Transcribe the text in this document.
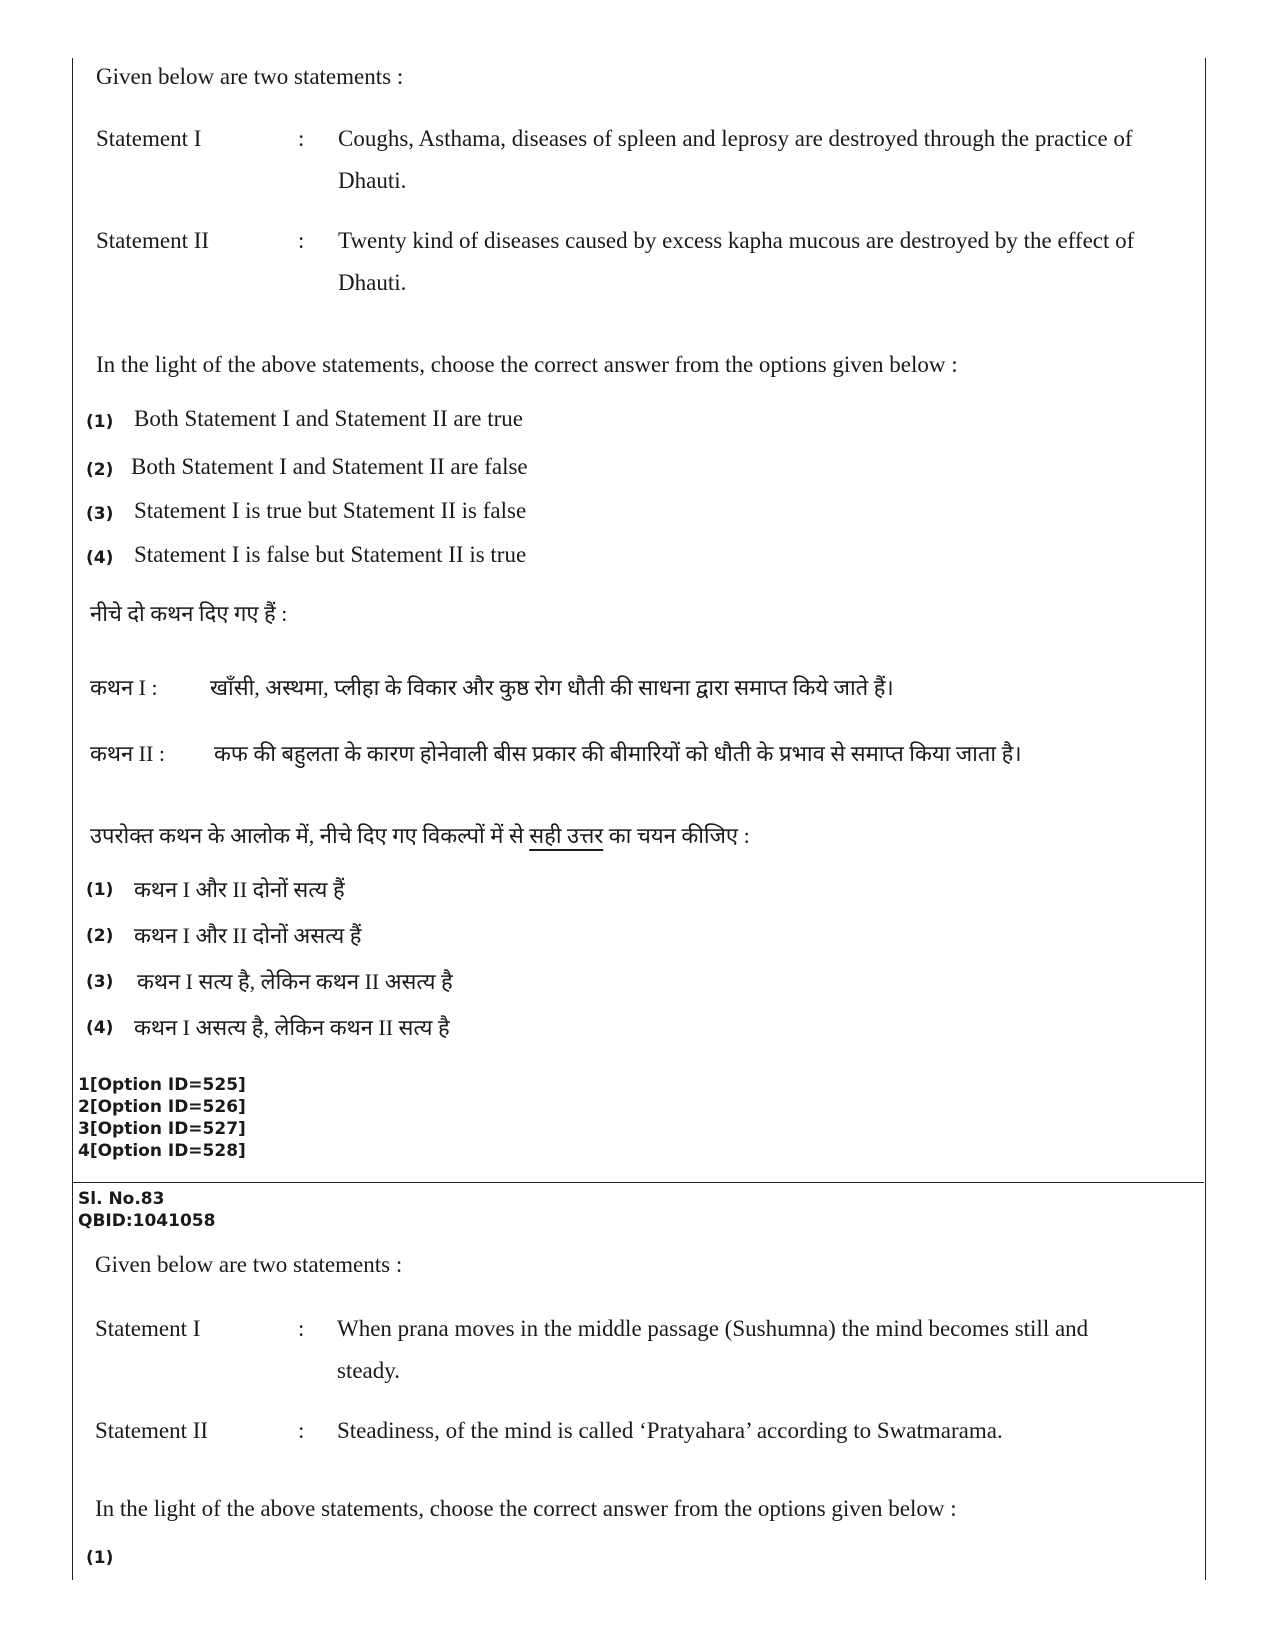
Given below are two statements :
Statement I	: Coughs, Asthama, diseases of spleen and leprosy are destroyed through the practice of Dhauti.
Statement II	: Twenty kind of diseases caused by excess kapha mucous are destroyed by the effect of Dhauti.
In the light of the above statements, choose the correct answer from the options given below :
(1) Both Statement I and Statement II are true
(2) Both Statement I and Statement II are false
(3) Statement I is true but Statement II is false
(4) Statement I is false but Statement II is true
नीचे दो कथन दिए गए हैं :
कथन I : खाँसी, अस्थमा, प्लीहा के विकार और कुष्ठ रोग धौती की साधना द्वारा समाप्त किये जाते हैं।
कथन II : कफ की बहुलता के कारण होनेवाली बीस प्रकार की बीमारियों को धौती के प्रभाव से समाप्त किया जाता है।
उपरोक्त कथन के आलोक में, नीचे दिए गए विकल्पों में से सही उत्तर का चयन कीजिए :
(1) कथन I और II दोनों सत्य हैं
(2) कथन I और II दोनों असत्य हैं
(3) कथन I सत्य है, लेकिन कथन II असत्य है
(4) कथन I असत्य है, लेकिन कथन II सत्य है
1[Option ID=525]
2[Option ID=526]
3[Option ID=527]
4[Option ID=528]
Sl. No.83
QBID:1041058
Given below are two statements :
Statement I	: When prana moves in the middle passage (Sushumna) the mind becomes still and steady.
Statement II	: Steadiness, of the mind is called ‘Pratyahara’ according to Swatmarama.
In the light of the above statements, choose the correct answer from the options given below :
(1)
